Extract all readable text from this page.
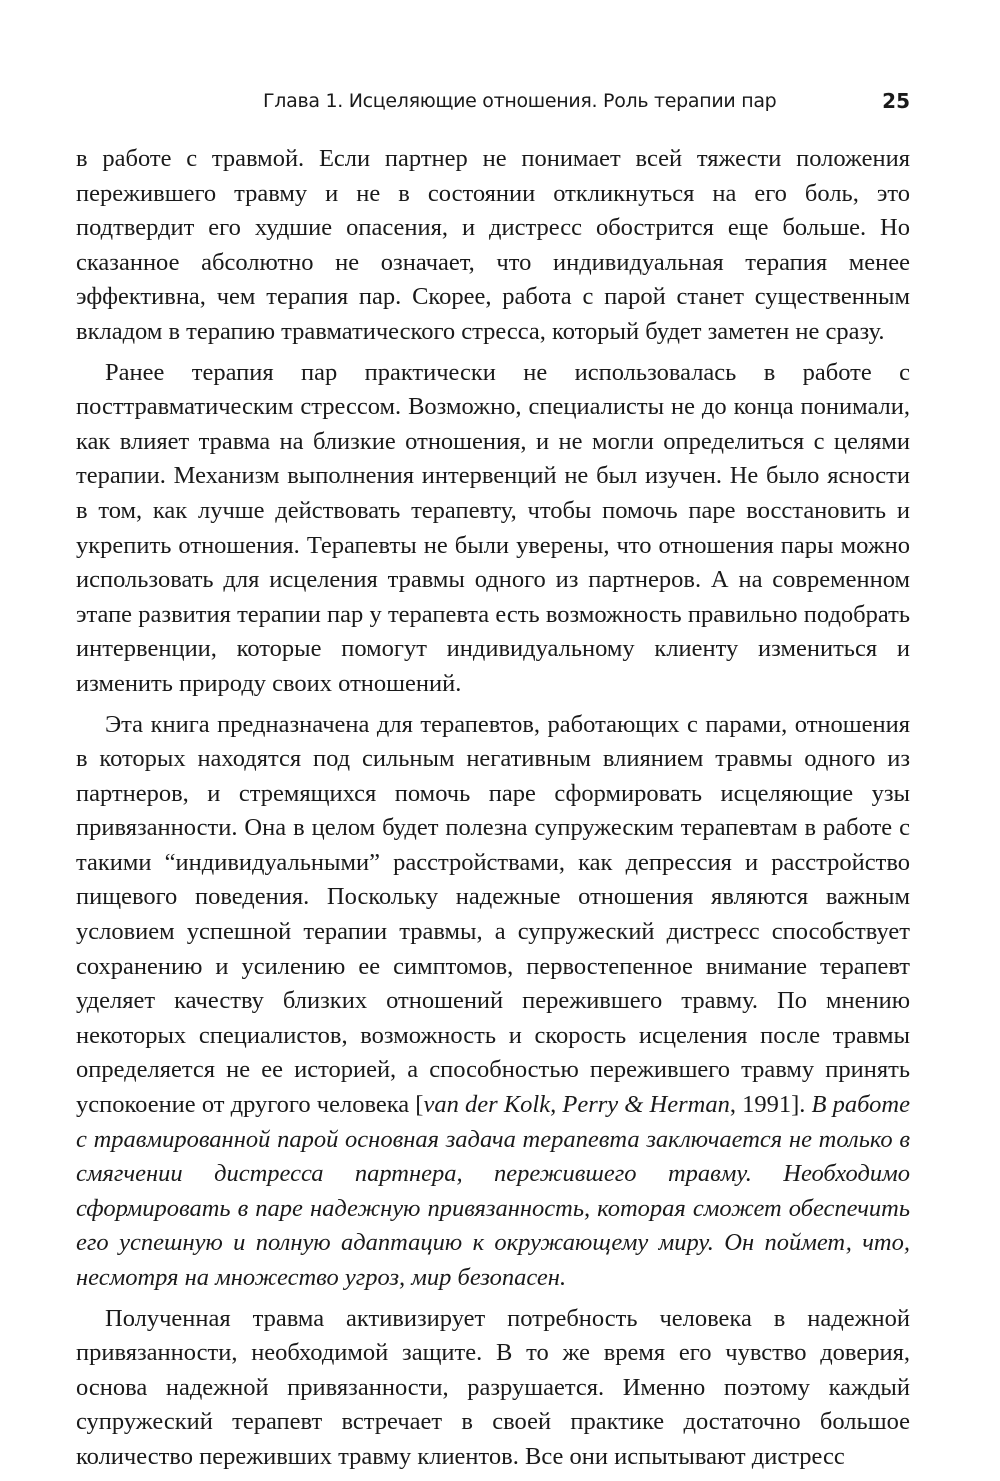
Глава 1. Исцеляющие отношения. Роль терапии пар	25

в работе с травмой. Если партнер не понимает всей тяжести положения пережившего травму и не в состоянии откликнуться на его боль, это подтвердит его худшие опасения, и дистресс обострится еще больше. Но сказанное абсолютно не означает, что индивидуальная терапия менее эффективна, чем терапия пар. Скорее, работа с парой станет существенным вкладом в терапию травматического стресса, который будет заметен не сразу.

Ранее терапия пар практически не использовалась в работе с посттравматическим стрессом. Возможно, специалисты не до конца понимали, как влияет травма на близкие отношения, и не могли определиться с целями терапии. Механизм выполнения интервенций не был изучен. Не было ясности в том, как лучше действовать терапевту, чтобы помочь паре восстановить и укрепить отношения. Терапевты не были уверены, что отношения пары можно использовать для исцеления травмы одного из партнеров. А на современном этапе развития терапии пар у терапевта есть возможность правильно подобрать интервенции, которые помогут индивидуальному клиенту измениться и изменить природу своих отношений.

Эта книга предназначена для терапевтов, работающих с парами, отношения в которых находятся под сильным негативным влиянием травмы одного из партнеров, и стремящихся помочь паре сформировать исцеляющие узы привязанности. Она в целом будет полезна супружеским терапевтам в работе с такими “индивидуальными” расстройствами, как депрессия и расстройство пищевого поведения. Поскольку надежные отношения являются важным условием успешной терапии травмы, а супружеский дистресс способствует сохранению и усилению ее симптомов, первостепенное внимание терапевт уделяет качеству близких отношений пережившего травму. По мнению некоторых специалистов, возможность и скорость исцеления после травмы определяется не ее историей, а способностью пережившего травму принять успокоение от другого человека [van der Kolk, Perry & Herman, 1991]. В работе с травмированной парой основная задача терапевта заключается не только в смягчении дистресса партнера, пережившего травму. Необходимо сформировать в паре надежную привязанность, которая сможет обеспечить его успешную и полную адаптацию к окружающему миру. Он поймет, что, несмотря на множество угроз, мир безопасен.

Полученная травма активизирует потребность человека в надежной привязанности, необходимой защите. В то же время его чувство доверия, основа надежной привязанности, разрушается. Именно поэтому каждый супружеский терапевт встречает в своей практике достаточно большое количество переживших травму клиентов. Все они испытывают дистресс
